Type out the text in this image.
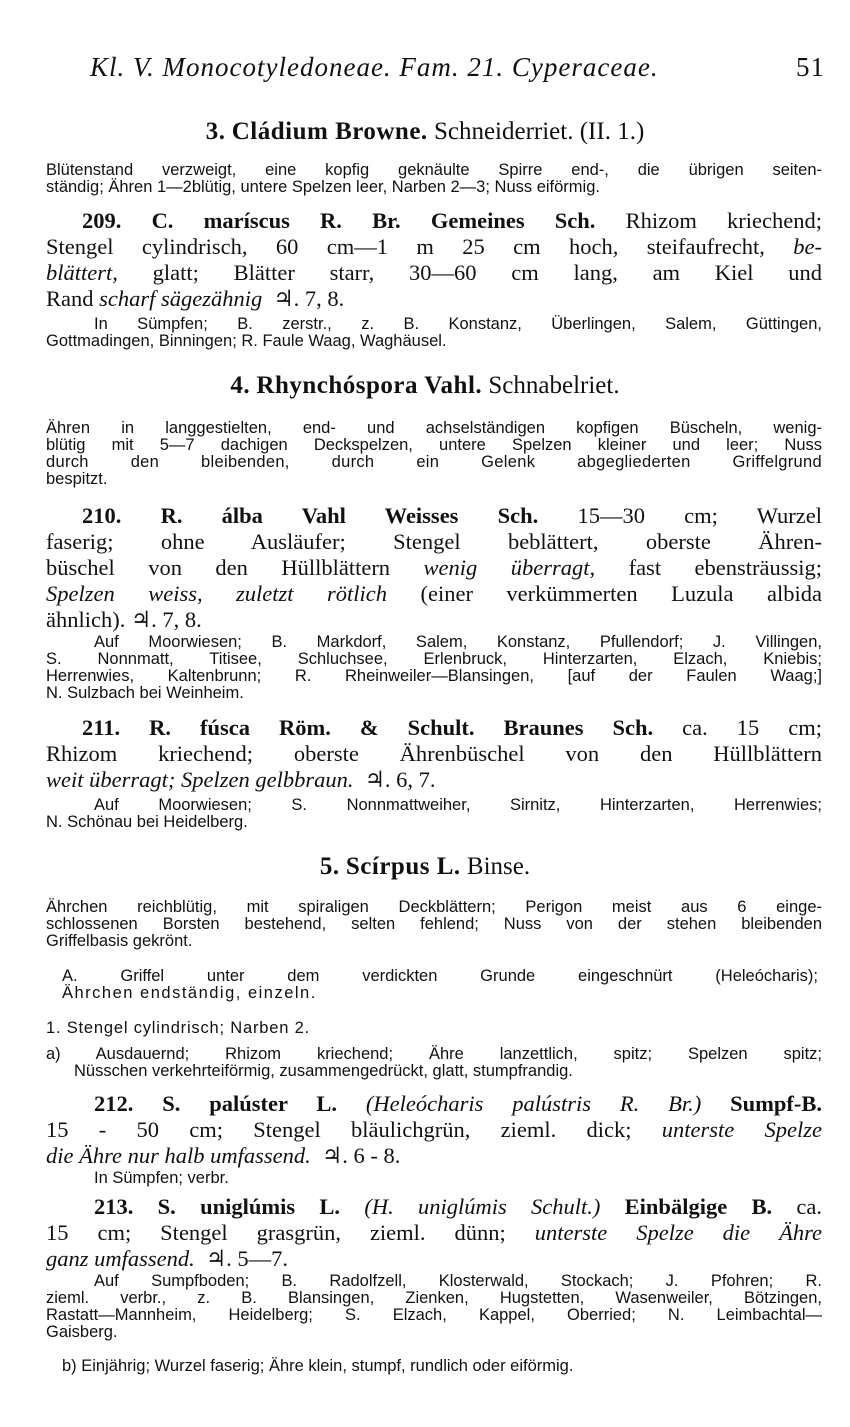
Kl. V. Monocotyledoneae. Fam. 21. Cyperaceae.	51
3. Cládium Browne. Schneiderriet. (II. 1.)
Blütenstand verzweigt, eine kopfig geknäulte Spirre end-, die übrigen seiten-
ständig; Ähren 1—2blütig, untere Spelzen leer, Narben 2—3; Nuss eiförmig.
209. C. maríscus R. Br. Gemeines Sch. Rhizom kriechend;
Stengel cylindrisch, 60 cm—1 m 25 cm hoch, steifaufrecht, be-
blättert, glatt; Blätter starr, 30—60 cm lang, am Kiel und
Rand scharf sägezähnig ♃. 7, 8.
In Sümpfen; B. zerstr., z. B. Konstanz, Überlingen, Salem, Güttingen,
Gottmadingen, Binningen; R. Faule Waag, Waghäusel.
4. Rhynchóspora Vahl. Schnabelriet.
Ähren in langgestielten, end- und achselständigen kopfigen Büscheln, wenig-
blütig mit 5—7 dachigen Deckspelzen, untere Spelzen kleiner und leer; Nuss
durch den bleibenden, durch ein Gelenk abgegliederten Griffelgrund
bespitzt.
210. R. álba Vahl Weisses Sch. 15—30 cm; Wurzel
faserig; ohne Ausläufer; Stengel beblättert, oberste Ähren-
büschel von den Hüllblättern wenig überragt, fast ebensträussig;
Spelzen weiss, zuletzt rötlich (einer verkümmerten Luzula albida
ähnlich). ♃. 7, 8.
Auf Moorwiesen; B. Markdorf, Salem, Konstanz, Pfullendorf; J. Villingen,
S. Nonnmatt, Titisee, Schluchsee, Erlenbruck, Hinterzarten, Elzach, Kniebis;
Herrenwies, Kaltenbrunn; R. Rheinweiler—Blansingen, [auf der Faulen Waag;]
N. Sulzbach bei Weinheim.
211. R. fúsca Röm. & Schult. Braunes Sch. ca. 15 cm;
Rhizom kriechend; oberste Ährenbüschel von den Hüllblättern
weit überragt; Spelzen gelbbraun. ♃. 6, 7.
Auf Moorwiesen; S. Nonnmattweiher, Sirnitz, Hinterzarten, Herrenwies;
N. Schönau bei Heidelberg.
5. Scírpus L. Binse.
Ährchen reichblütig, mit spiraligen Deckblättern; Perigon meist aus 6 einge-
schlossenen Borsten bestehend, selten fehlend; Nuss von der stehen bleibenden
Griffelbasis gekrönt.
A. Griffel unter dem verdickten Grunde eingeschnürt (Heleócharis);
Ährchen endständig, einzeln.
1. Stengel cylindrisch; Narben 2.
a) Ausdauernd; Rhizom kriechend; Ähre lanzettlich, spitz; Spelzen spitz;
Nüsschen verkehrteiförmig, zusammengedrückt, glatt, stumpfrandig.
212. S. palúster L. (Heleócharis palústris R. Br.) Sumpf-B.
15 - 50 cm; Stengel bläulichgrün, zieml. dick; unterste Spelze
die Ähre nur halb umfassend. ♃. 6 - 8.
In Sümpfen; verbr.
213. S. uniglúmis L. (H. uniglúmis Schult.) Einbälgige B. ca.
15 cm; Stengel grasgrün, zieml. dünn; unterste Spelze die Ähre
ganz umfassend. ♃. 5—7.
Auf Sumpfboden; B. Radolfzell, Klosterwald, Stockach; J. Pfohren; R.
zieml. verbr., z. B. Blansingen, Zienken, Hugstetten, Wasenweiler, Bötzingen,
Rastatt—Mannheim, Heidelberg; S. Elzach, Kappel, Oberried; N. Leimbachtal—
Gaisberg.
b) Einjährig; Wurzel faserig; Ähre klein, stumpf, rundlich oder eiförmig.
